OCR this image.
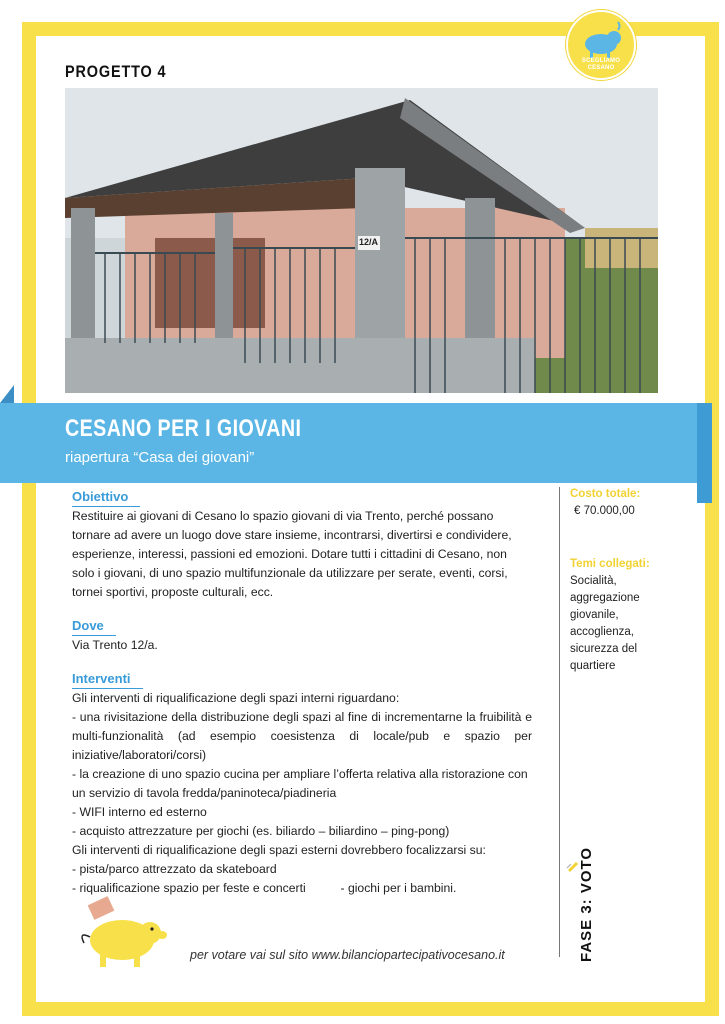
SCEGLIAMO
CESANO
PROGETTO 4
12/A
CESANO PER I GIOVANI
riapertura “Casa dei giovani”
Obiettivo

Restituire ai giovani di Cesano lo spazio giovani di via Trento, perché possano tornare ad avere un luogo dove stare insieme, incontrarsi, divertirsi e condividere, esperienze, interessi, passioni ed emozioni. Dotare tutti i cittadini di Cesano, non solo i giovani, di uno spazio multifunzionale da utilizzare per serate, eventi, corsi, tornei sportivi, proposte culturali, ecc.

Dove

Via Trento 12/a.

Interventi

Gli interventi di riqualificazione degli spazi interni riguardano:

- una rivisitazione della distribuzione degli spazi al fine di incrementarne la fruibilità e multi-funzionalità (ad esempio coesistenza di locale/pub e spazio per iniziative/laboratori/corsi)

- la creazione di uno spazio cucina per ampliare l’offerta relativa alla ristorazione con un servizio di tavola fredda/paninoteca/piadineria

- WIFI interno ed esterno

- acquisto attrezzature per giochi (es. biliardo – biliardino – ping-pong)

Gli interventi di riqualificazione degli spazi esterni dovrebbero focalizzarsi su:

- pista/parco attrezzato da skateboard

- riqualificazione spazio per feste e concerti	- giochi per i bambini.

Costo totale:
€ 70.000,00
Temi collegati:
Socialità,
aggregazione
giovanile,
accoglienza,
sicurezza del
quartiere
FASE 3: VOTO
per votare vai sul sito www.bilanciopartecipativocesano.it
